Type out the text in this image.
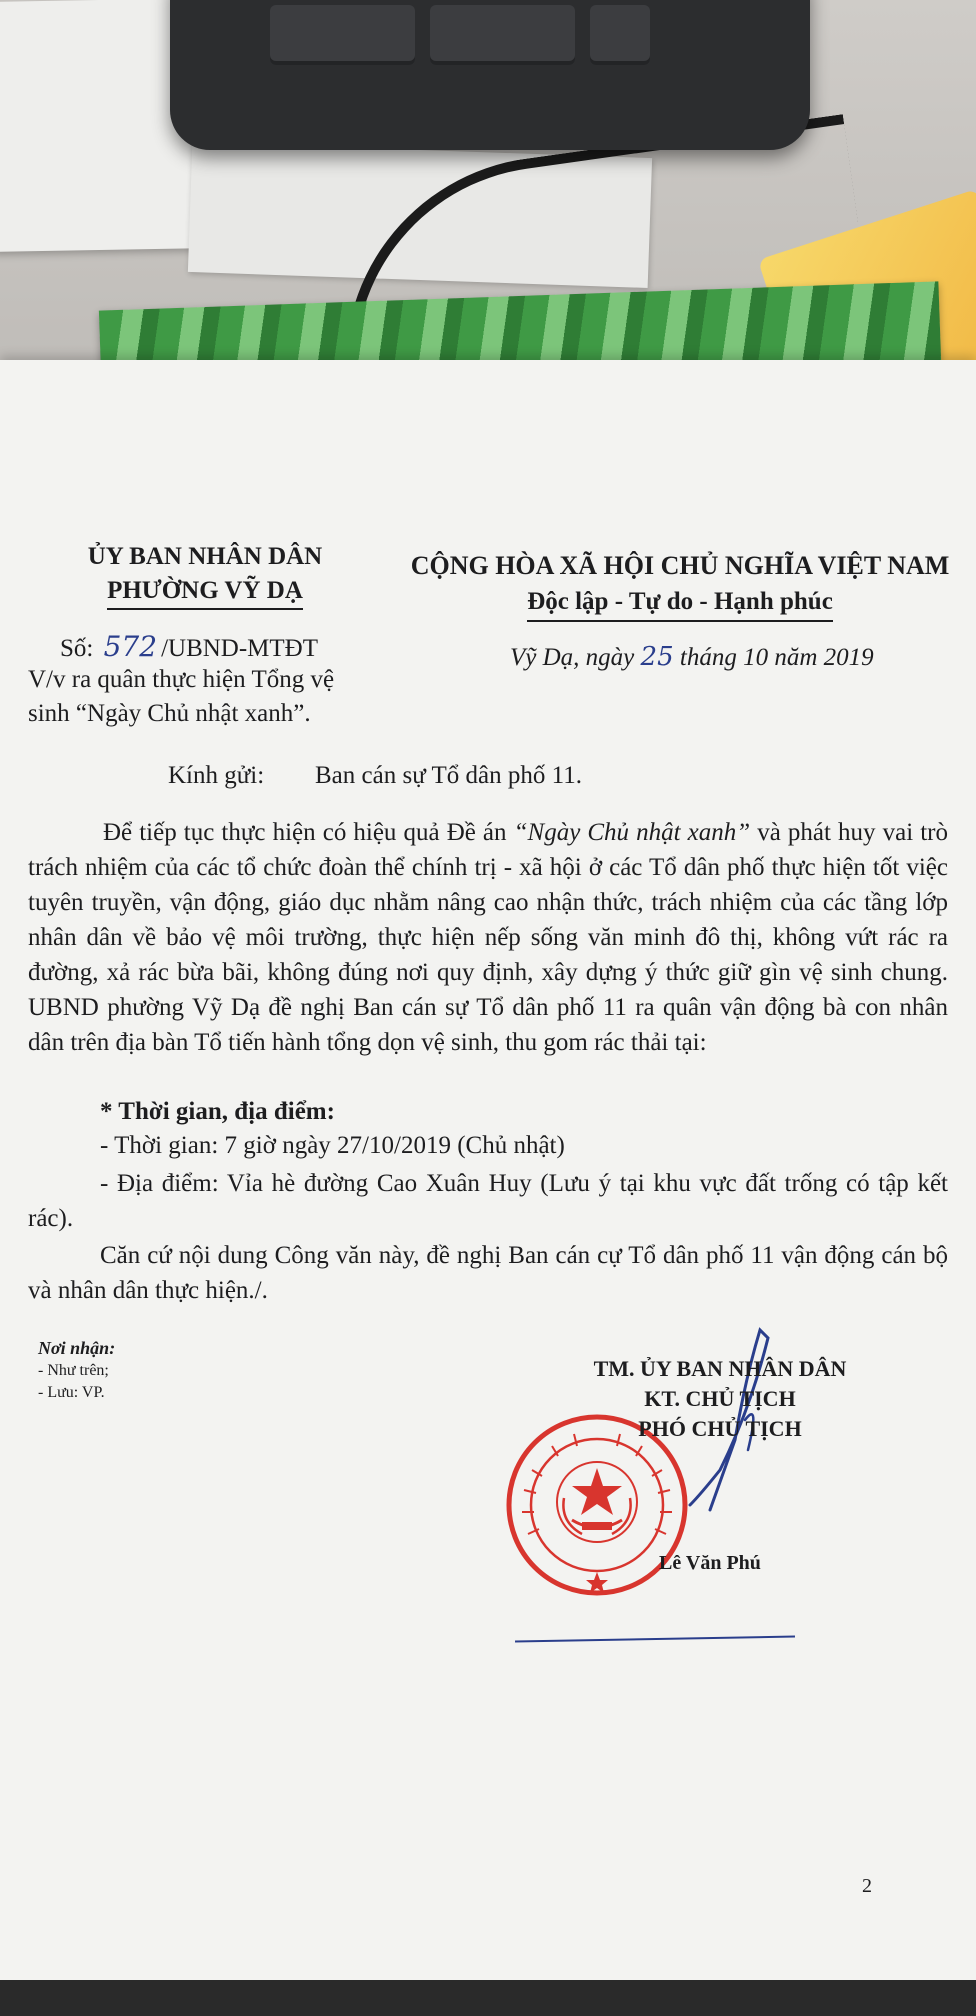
ỦY BAN NHÂN DÂN
PHƯỜNG VỸ DẠ
CỘNG HÒA XÃ HỘI CHỦ NGHĨA VIỆT NAM
Độc lập - Tự do - Hạnh phúc
Số: 572 /UBND-MTĐT
V/v ra quân thực hiện Tổng vệ
sinh “Ngày Chủ nhật xanh”.
Vỹ Dạ, ngày 25 tháng 10 năm 2019
Kính gửi: Ban cán sự Tổ dân phố 11.
Để tiếp tục thực hiện có hiệu quả Đề án “Ngày Chủ nhật xanh” và phát huy vai trò trách nhiệm của các tổ chức đoàn thể chính trị - xã hội ở các Tổ dân phố thực hiện tốt việc tuyên truyền, vận động, giáo dục nhằm nâng cao nhận thức, trách nhiệm của các tầng lớp nhân dân về bảo vệ môi trường, thực hiện nếp sống văn minh đô thị, không vứt rác ra đường, xả rác bừa bãi, không đúng nơi quy định, xây dựng ý thức giữ gìn vệ sinh chung. UBND phường Vỹ Dạ đề nghị Ban cán sự Tổ dân phố 11 ra quân vận động bà con nhân dân trên địa bàn Tổ tiến hành tổng dọn vệ sinh, thu gom rác thải tại:
* Thời gian, địa điểm:
- Thời gian: 7 giờ ngày 27/10/2019 (Chủ nhật)
- Địa điểm: Vỉa hè đường Cao Xuân Huy (Lưu ý tại khu vực đất trống có tập kết rác).
Căn cứ nội dung Công văn này, đề nghị Ban cán cự Tổ dân phố 11 vận động cán bộ và nhân dân thực hiện./.
Nơi nhận:
- Như trên;
- Lưu: VP.
TM. ỦY BAN NHÂN DÂN
KT. CHỦ TỊCH
PHÓ CHỦ TỊCH
Lê Văn Phú
2
